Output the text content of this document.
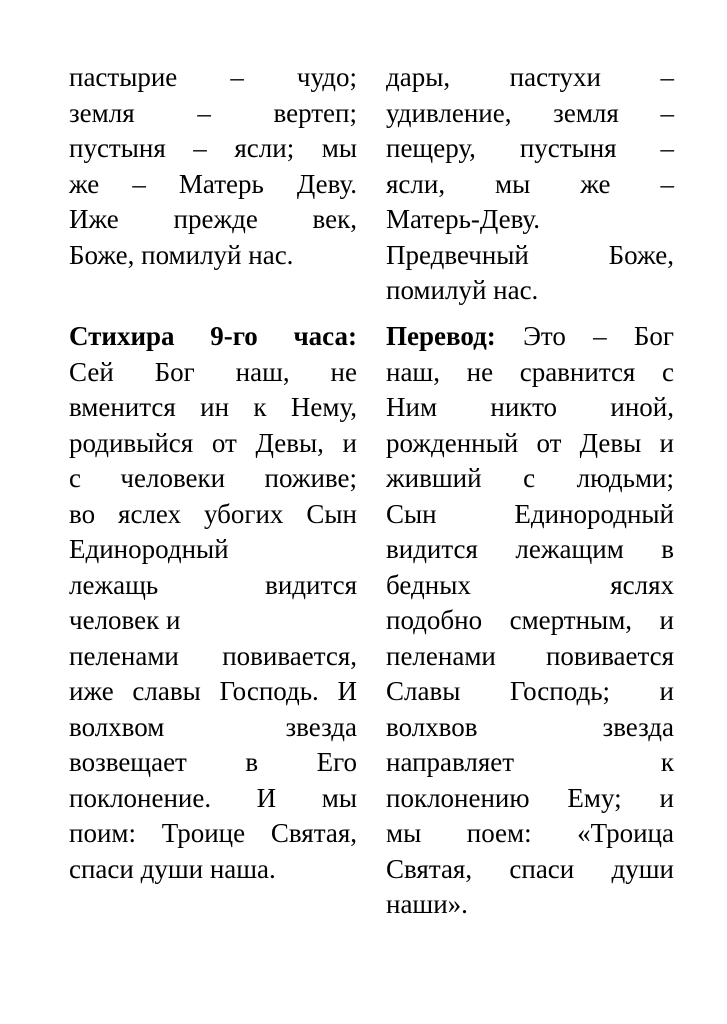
пастырие – чудо;
земля – вертеп;
пустыня – ясли; мы
же – Матерь Деву.
Иже прежде век,
Боже, помилуй нас.
дары, пастухи –
удивление, земля –
пещеру, пустыня –
ясли, мы же –
Матерь-Деву.
Предвечный Боже,
помилуй нас.
Стихира 9-го часа:
Сей Бог наш, не
вменится ин к Нему,
родивыйся от Девы, и
с человеки поживе;
во яслех убогих Сын
Единородный
лежащь видится
человек и
пеленами повивается,
иже славы Господь. И
волхвом звезда
возвещает в Его
поклонение. И мы
поим: Троице Святая,
спаси души наша.
Перевод: Это – Бог
наш, не сравнится с
Ним никто иной,
рожденный от Девы и
живший с людьми;
Сын Единородный
видится лежащим в
бедных яслях
подобно смертным, и
пеленами повивается
Славы Господь; и
волхвов звезда
направляет к
поклонению Ему; и
мы поем: «Троица
Святая, спаси души
наши».
